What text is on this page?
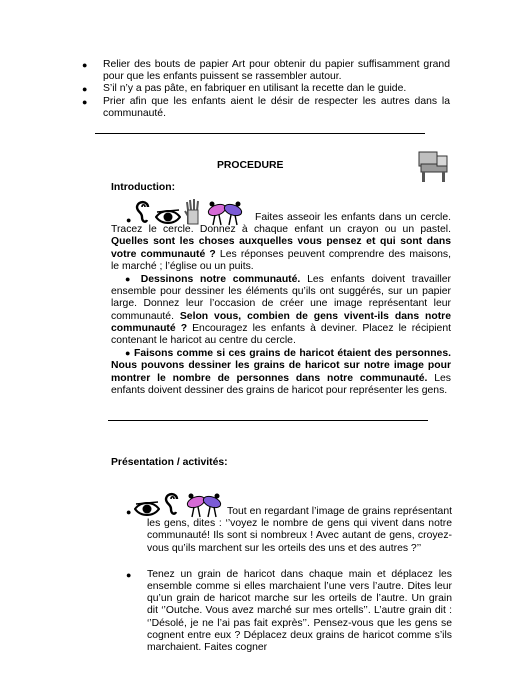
● Relier des bouts de papier Art pour obtenir du papier suffisamment grand pour que les enfants puissent se rassembler autour.
● S’il n’y a pas pâte, en fabriquer en utilisant la recette dan le guide.
● Prier afin que les enfants aient le désir de respecter les autres dans la communauté.
PROCEDURE
Introduction:
●	Faites asseoir les enfants dans un cercle. Tracez le cercle. Donnez à chaque enfant un crayon ou un pastel. Quelles sont les choses auxquelles vous pensez et qui sont dans votre communauté ? Les réponses peuvent comprendre des maisons, le marché ; l’église ou un puits.

● Dessinons notre communauté. Les enfants doivent travailler ensemble pour dessiner les éléments qu’ils ont suggérés, sur un papier large. Donnez leur l’occasion de créer une image représentant leur communauté. Selon vous, combien de gens vivent-ils dans notre communauté ? Encouragez les enfants à deviner. Placez le récipient contenant le haricot au centre du cercle.

● Faisons comme si ces grains de haricot étaient des personnes. Nous pouvons dessiner les grains de haricot sur notre image pour montrer le nombre de personnes dans notre communauté. Les enfants doivent dessiner des grains de haricot pour représenter les gens.

Présentation / activités:
●	Tout en regardant l’image de grains représentant les gens, dites : ‘’voyez le nombre de gens qui vivent dans notre communauté! Ils sont si nombreux ! Avec autant de gens, croyez-vous qu’ils marchent sur les orteils des uns et des autres ?’’

● Tenez un grain de haricot dans chaque main et déplacez les ensemble comme si elles marchaient l’une vers l’autre. Dites leur qu’un grain de haricot marche sur les orteils de l’autre. Un grain dit ‘’Outche. Vous avez marché sur mes ortells’’. L’autre grain dit : ‘’Désolé, je ne l’ai pas fait exprès’’. Pensez-vous que les gens se cognent entre eux ? Déplacez deux grains de haricot comme s’ils marchaient. Faites cogner
